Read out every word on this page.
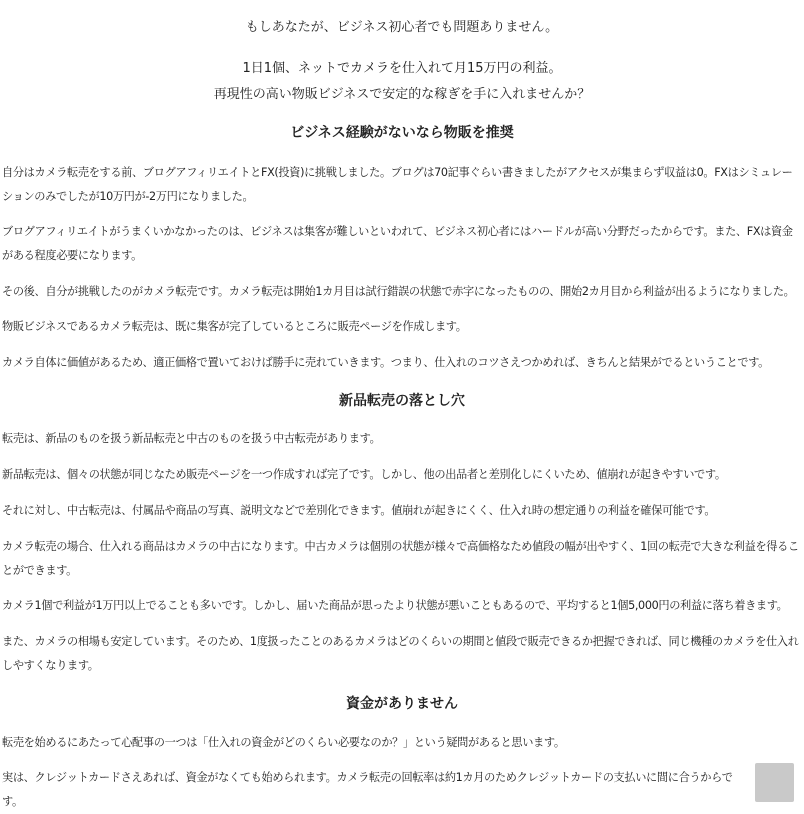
もしあなたが、ビジネス初心者でも問題ありません。

1日1個、ネットでカメラを仕入れて月15万円の利益。

再現性の高い物販ビジネスで安定的な稼ぎを手に入れませんか？

ビジネス経験がないなら物販を推奨

自分はカメラ転売をする前、ブログアフィリエイトとFX(投資)に挑戦しました。ブログは70記事ぐらい書きましたがアクセスが集まらず収益は0。FXはシミュレーションのみでしたが10万円が-2万円になりました。

ブログアフィリエイトがうまくいかなかったのは、ビジネスは集客が難しいといわれて、ビジネス初心者にはハードルが高い分野だったからです。また、FXは資金がある程度必要になります。

その後、自分が挑戦したのがカメラ転売です。カメラ転売は開始1カ月目は試行錯誤の状態で赤字になったものの、開始2カ月目から利益が出るようになりました。

物販ビジネスであるカメラ転売は、既に集客が完了しているところに販売ページを作成します。

カメラ自体に価値があるため、適正価格で置いておけば勝手に売れていきます。つまり、仕入れのコツさえつかめれば、きちんと結果がでるということです。

新品転売の落とし穴

転売は、新品のものを扱う新品転売と中古のものを扱う中古転売があります。

新品転売は、個々の状態が同じなため販売ページを一つ作成すれば完了です。しかし、他の出品者と差別化しにくいため、値崩れが起きやすいです。

それに対し、中古転売は、付属品や商品の写真、説明文などで差別化できます。値崩れが起きにくく、仕入れ時の想定通りの利益を確保可能です。

カメラ転売の場合、仕入れる商品はカメラの中古になります。中古カメラは個別の状態が様々で高価格なため値段の幅が出やすく、1回の転売で大きな利益を得ることができます。

カメラ1個で利益が1万円以上でることも多いです。しかし、届いた商品が思ったより状態が悪いこともあるので、平均すると1個5,000円の利益に落ち着きます。

また、カメラの相場も安定しています。そのため、1度扱ったことのあるカメラはどのくらいの期間と値段で販売できるか把握できれば、同じ機種のカメラを仕入れしやすくなります。

資金がありません

転売を始めるにあたって心配事の一つは「仕入れの資金がどのくらい必要なのか？」という疑問があると思います。

実は、クレジットカードさえあれば、資金がなくても始められます。カメラ転売の回転率は約1カ月のためクレジットカードの支払いに間に合うからです。
